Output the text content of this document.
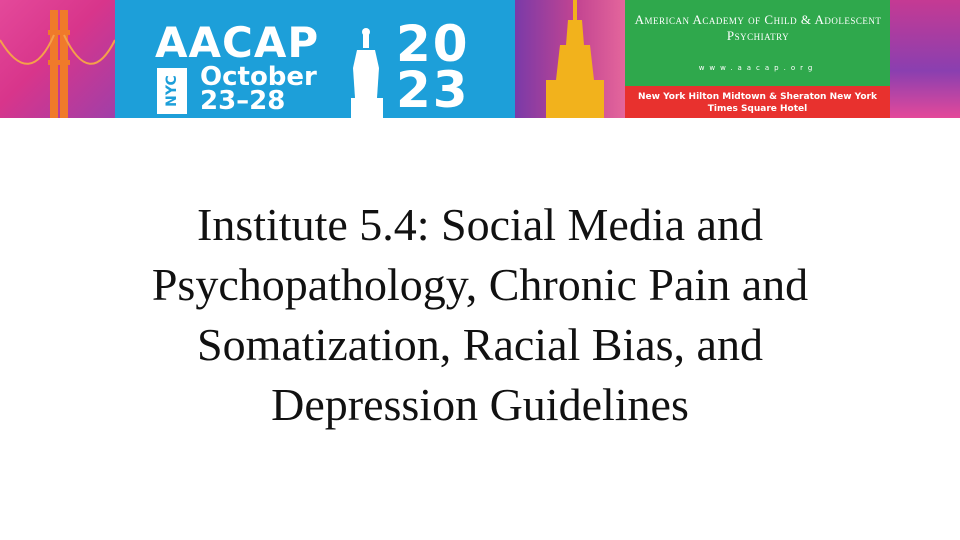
AACAP
NYC October
23–28
20
23
American Academy of Child & Adolescent Psychiatry
www.aacap.org
New York Hilton Midtown & Sheraton New York Times Square Hotel
Institute 5.4: Social Media and
Psychopathology, Chronic Pain and
Somatization, Racial Bias, and
Depression Guidelines
